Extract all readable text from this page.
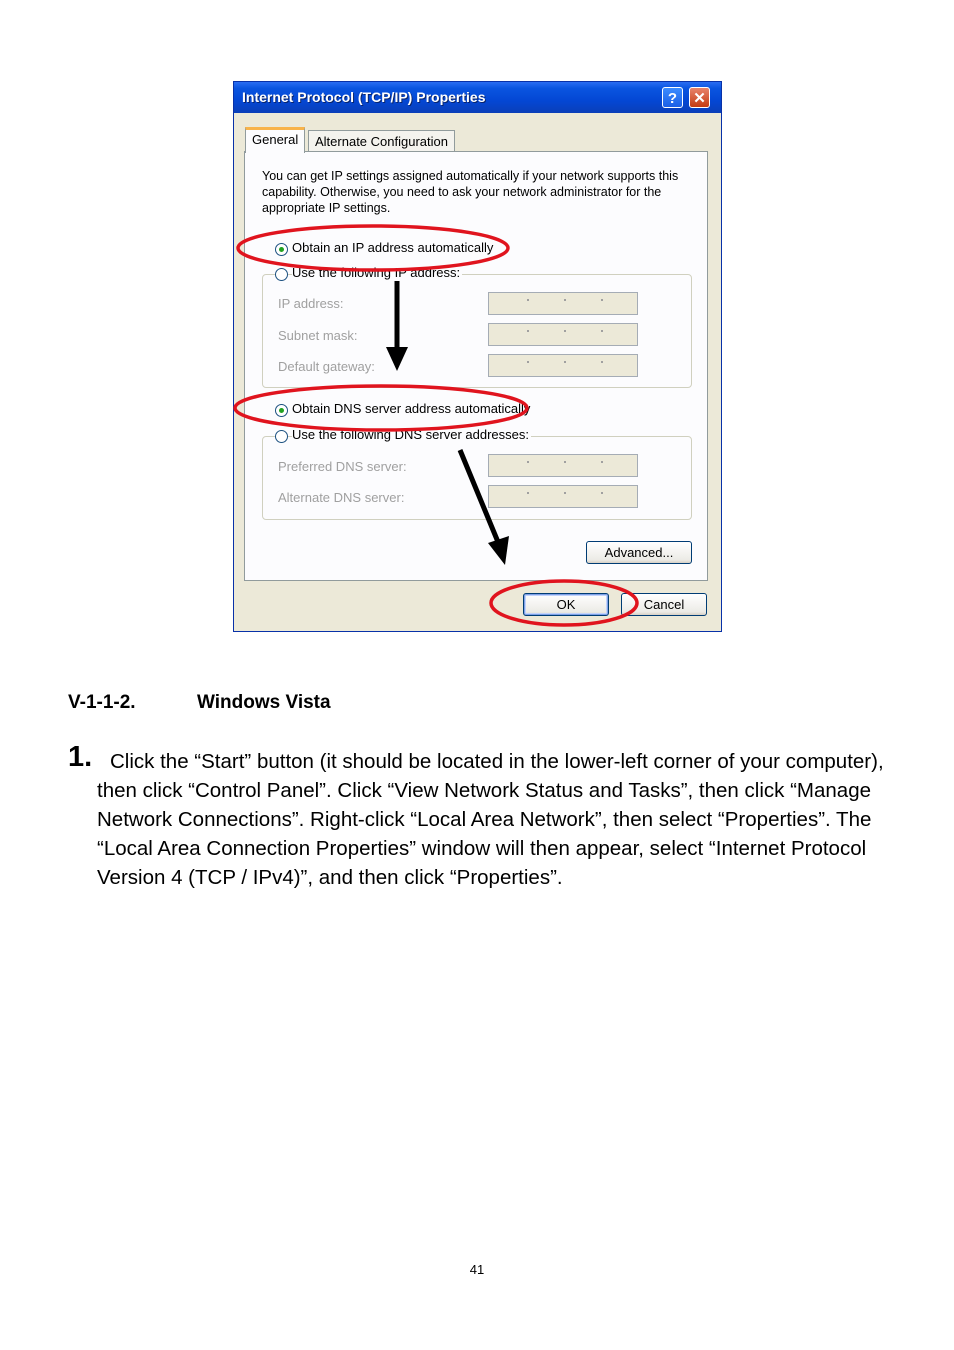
Internet Protocol (TCP/IP) Properties	?	✕
General	Alternate Configuration

You can get IP settings assigned automatically if your network supports this capability. Otherwise, you need to ask your network administrator for the appropriate IP settings.

Obtain an IP address automatically
Use the following IP address:
IP address:
Subnet mask:
Default gateway:
Obtain DNS server address automatically
Use the following DNS server addresses:
Preferred DNS server:
Alternate DNS server:
Advanced...
OK	Cancel
V-1-1-2.	Windows Vista
1. Click the “Start” button (it should be located in the lower-left corner of your computer), then click “Control Panel”. Click “View Network Status and Tasks”, then click “Manage Network Connections”. Right-click “Local Area Network”, then select “Properties”. The “Local Area Connection Properties” window will then appear, select “Internet Protocol Version 4 (TCP / IPv4)”, and then click “Properties”.

41
